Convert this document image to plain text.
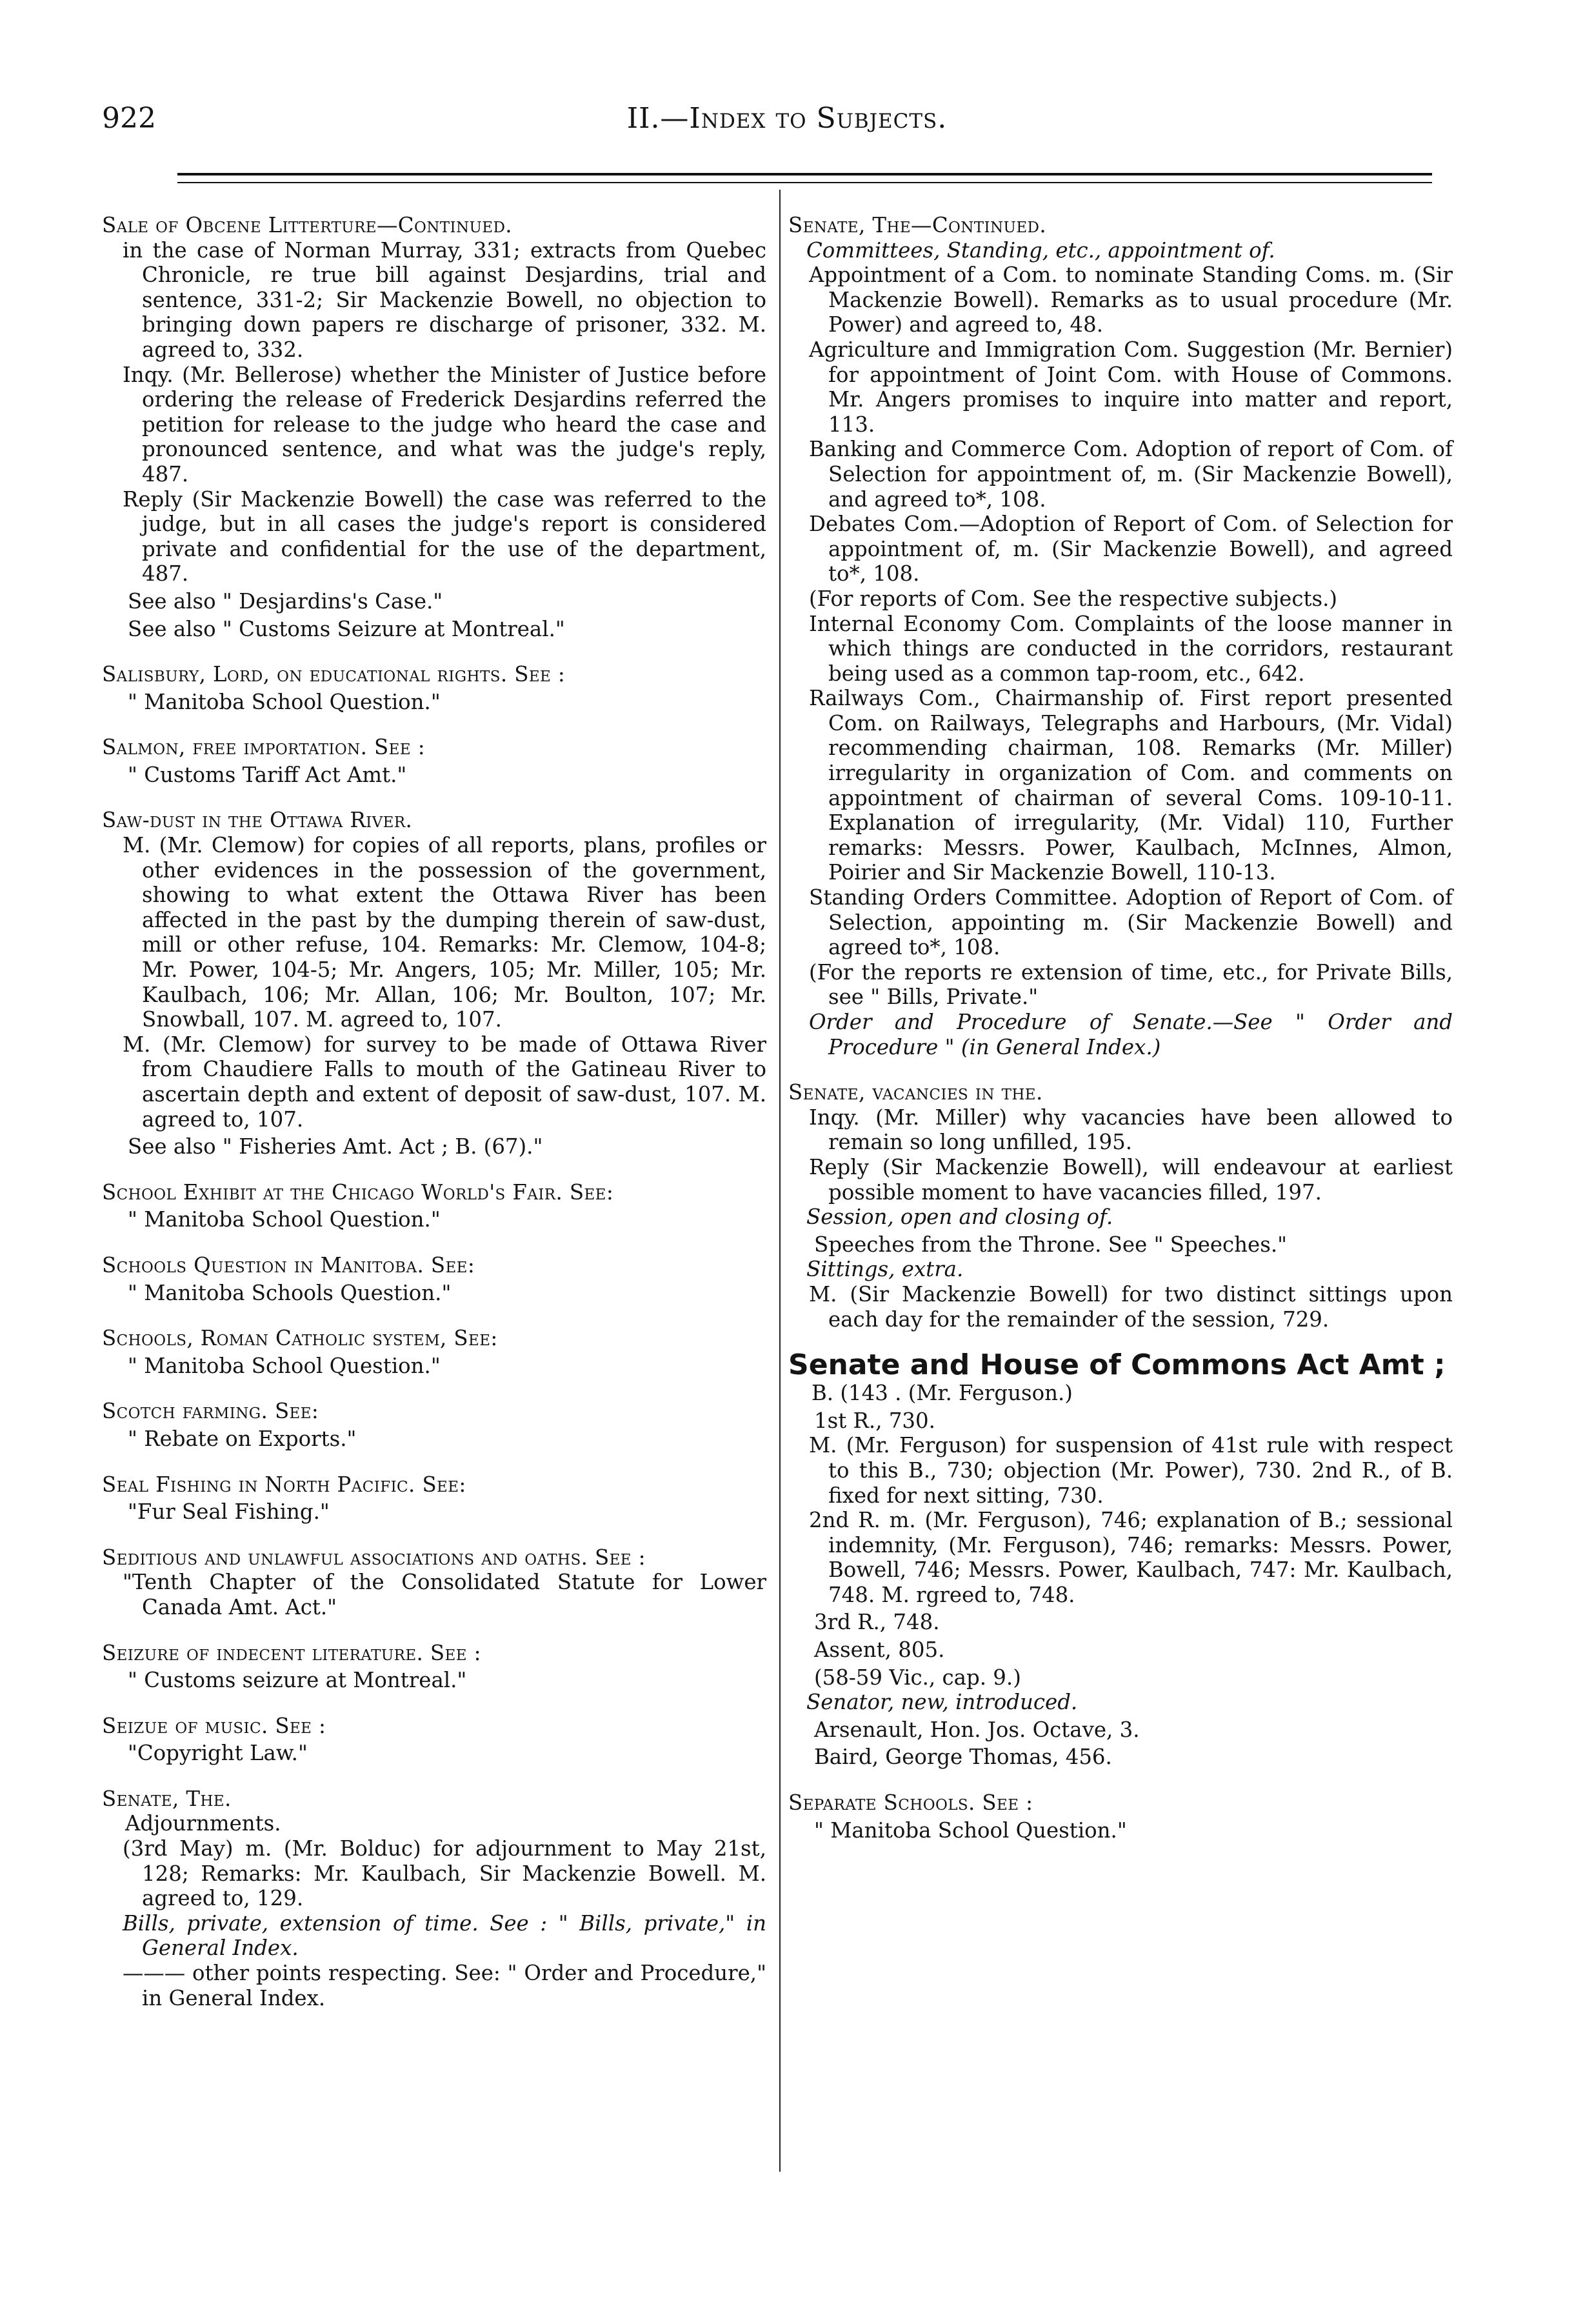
922	II.—Index to Subjects.
Sale of Obcene Litterture—Continued.
in the case of Norman Murray, 331; extracts from Quebec Chronicle, re true bill against Desjardins, trial and sentence, 331-2; Sir Mackenzie Bowell, no objection to bringing down papers re discharge of prisoner, 332. M. agreed to, 332.
Inqy. (Mr. Bellerose) whether the Minister of Justice before ordering the release of Frederick Desjardins referred the petition for release to the judge who heard the case and pronounced sentence, and what was the judge's reply, 487.
Reply (Sir Mackenzie Bowell) the case was referred to the judge, but in all cases the judge's report is considered private and confidential for the use of the department, 487.
See also " Desjardins's Case."
See also " Customs Seizure at Montreal."
Salisbury, Lord, on educational rights. See :
" Manitoba School Question."
Salmon, free importation. See :
" Customs Tariff Act Amt."
Saw-dust in the Ottawa River.
M. (Mr. Clemow) for copies of all reports, plans, profiles or other evidences in the possession of the government, showing to what extent the Ottawa River has been affected in the past by the dumping therein of saw-dust, mill or other refuse, 104. Remarks: Mr. Clemow, 104-8; Mr. Power, 104-5; Mr. Angers, 105; Mr. Miller, 105; Mr. Kaulbach, 106; Mr. Allan, 106; Mr. Boulton, 107; Mr. Snowball, 107. M. agreed to, 107.
M. (Mr. Clemow) for survey to be made of Ottawa River from Chaudiere Falls to mouth of the Gatineau River to ascertain depth and extent of deposit of saw-dust, 107. M. agreed to, 107.
See also " Fisheries Amt. Act ; B. (67)."
School Exhibit at the Chicago World's Fair. See:
" Manitoba School Question."
Schools Question in Manitoba. See:
" Manitoba Schools Question."
Schools, Roman Catholic system, See:
" Manitoba School Question."
Scotch farming. See:
" Rebate on Exports."
Seal Fishing in North Pacific. See:
"Fur Seal Fishing."
Seditious and unlawful associations and oaths. See :
"Tenth Chapter of the Consolidated Statute for Lower Canada Amt. Act."
Seizure of indecent literature. See :
" Customs seizure at Montreal."
Seizue of music. See :
"Copyright Law."
Senate, The.
Adjournments.
(3rd May) m. (Mr. Bolduc) for adjournment to May 21st, 128; Remarks: Mr. Kaulbach, Sir Mackenzie Bowell. M. agreed to, 129.
Bills, private, extension of time. See : " Bills, private," in General Index.
——— other points respecting. See: " Order and Procedure," in General Index.
Senate, The—Continued.
Committees, Standing, etc., appointment of.
Appointment of a Com. to nominate Standing Coms. m. (Sir Mackenzie Bowell). Remarks as to usual procedure (Mr. Power) and agreed to, 48.
Agriculture and Immigration Com. Suggestion (Mr. Bernier) for appointment of Joint Com. with House of Commons. Mr. Angers promises to inquire into matter and report, 113.
Banking and Commerce Com. Adoption of report of Com. of Selection for appointment of, m. (Sir Mackenzie Bowell), and agreed to*, 108.
Debates Com.—Adoption of Report of Com. of Selection for appointment of, m. (Sir Mackenzie Bowell), and agreed to*, 108.
(For reports of Com. See the respective subjects.)
Internal Economy Com. Complaints of the loose manner in which things are conducted in the corridors, restaurant being used as a common tap-room, etc., 642.
Railways Com., Chairmanship of. First report presented Com. on Railways, Telegraphs and Harbours, (Mr. Vidal) recommending chairman, 108. Remarks (Mr. Miller) irregularity in organization of Com. and comments on appointment of chairman of several Coms. 109-10-11. Explanation of irregularity, (Mr. Vidal) 110, Further remarks: Messrs. Power, Kaulbach, McInnes, Almon, Poirier and Sir Mackenzie Bowell, 110-13.
Standing Orders Committee. Adoption of Report of Com. of Selection, appointing m. (Sir Mackenzie Bowell) and agreed to*, 108.
(For the reports re extension of time, etc., for Private Bills, see " Bills, Private."
Order and Procedure of Senate.—See " Order and Procedure " (in General Index.)
Senate, vacancies in the.
Inqy. (Mr. Miller) why vacancies have been allowed to remain so long unfilled, 195.
Reply (Sir Mackenzie Bowell), will endeavour at earliest possible moment to have vacancies filled, 197.
Session, open and closing of.
Speeches from the Throne. See " Speeches."
Sittings, extra.
M. (Sir Mackenzie Bowell) for two distinct sittings upon each day for the remainder of the session, 729.
Senate and House of Commons Act Amt ;
B. (143 . (Mr. Ferguson.)
1st R., 730.
M. (Mr. Ferguson) for suspension of 41st rule with respect to this B., 730; objection (Mr. Power), 730. 2nd R., of B. fixed for next sitting, 730.
2nd R. m. (Mr. Ferguson), 746; explanation of B.; sessional indemnity, (Mr. Ferguson), 746; remarks: Messrs. Power, Bowell, 746; Messrs. Power, Kaulbach, 747: Mr. Kaulbach, 748. M. rgreed to, 748.
3rd R., 748.
Assent, 805.
(58-59 Vic., cap. 9.)
Senator, new, introduced.
Arsenault, Hon. Jos. Octave, 3.
Baird, George Thomas, 456.
Separate Schools. See :
" Manitoba School Question."
